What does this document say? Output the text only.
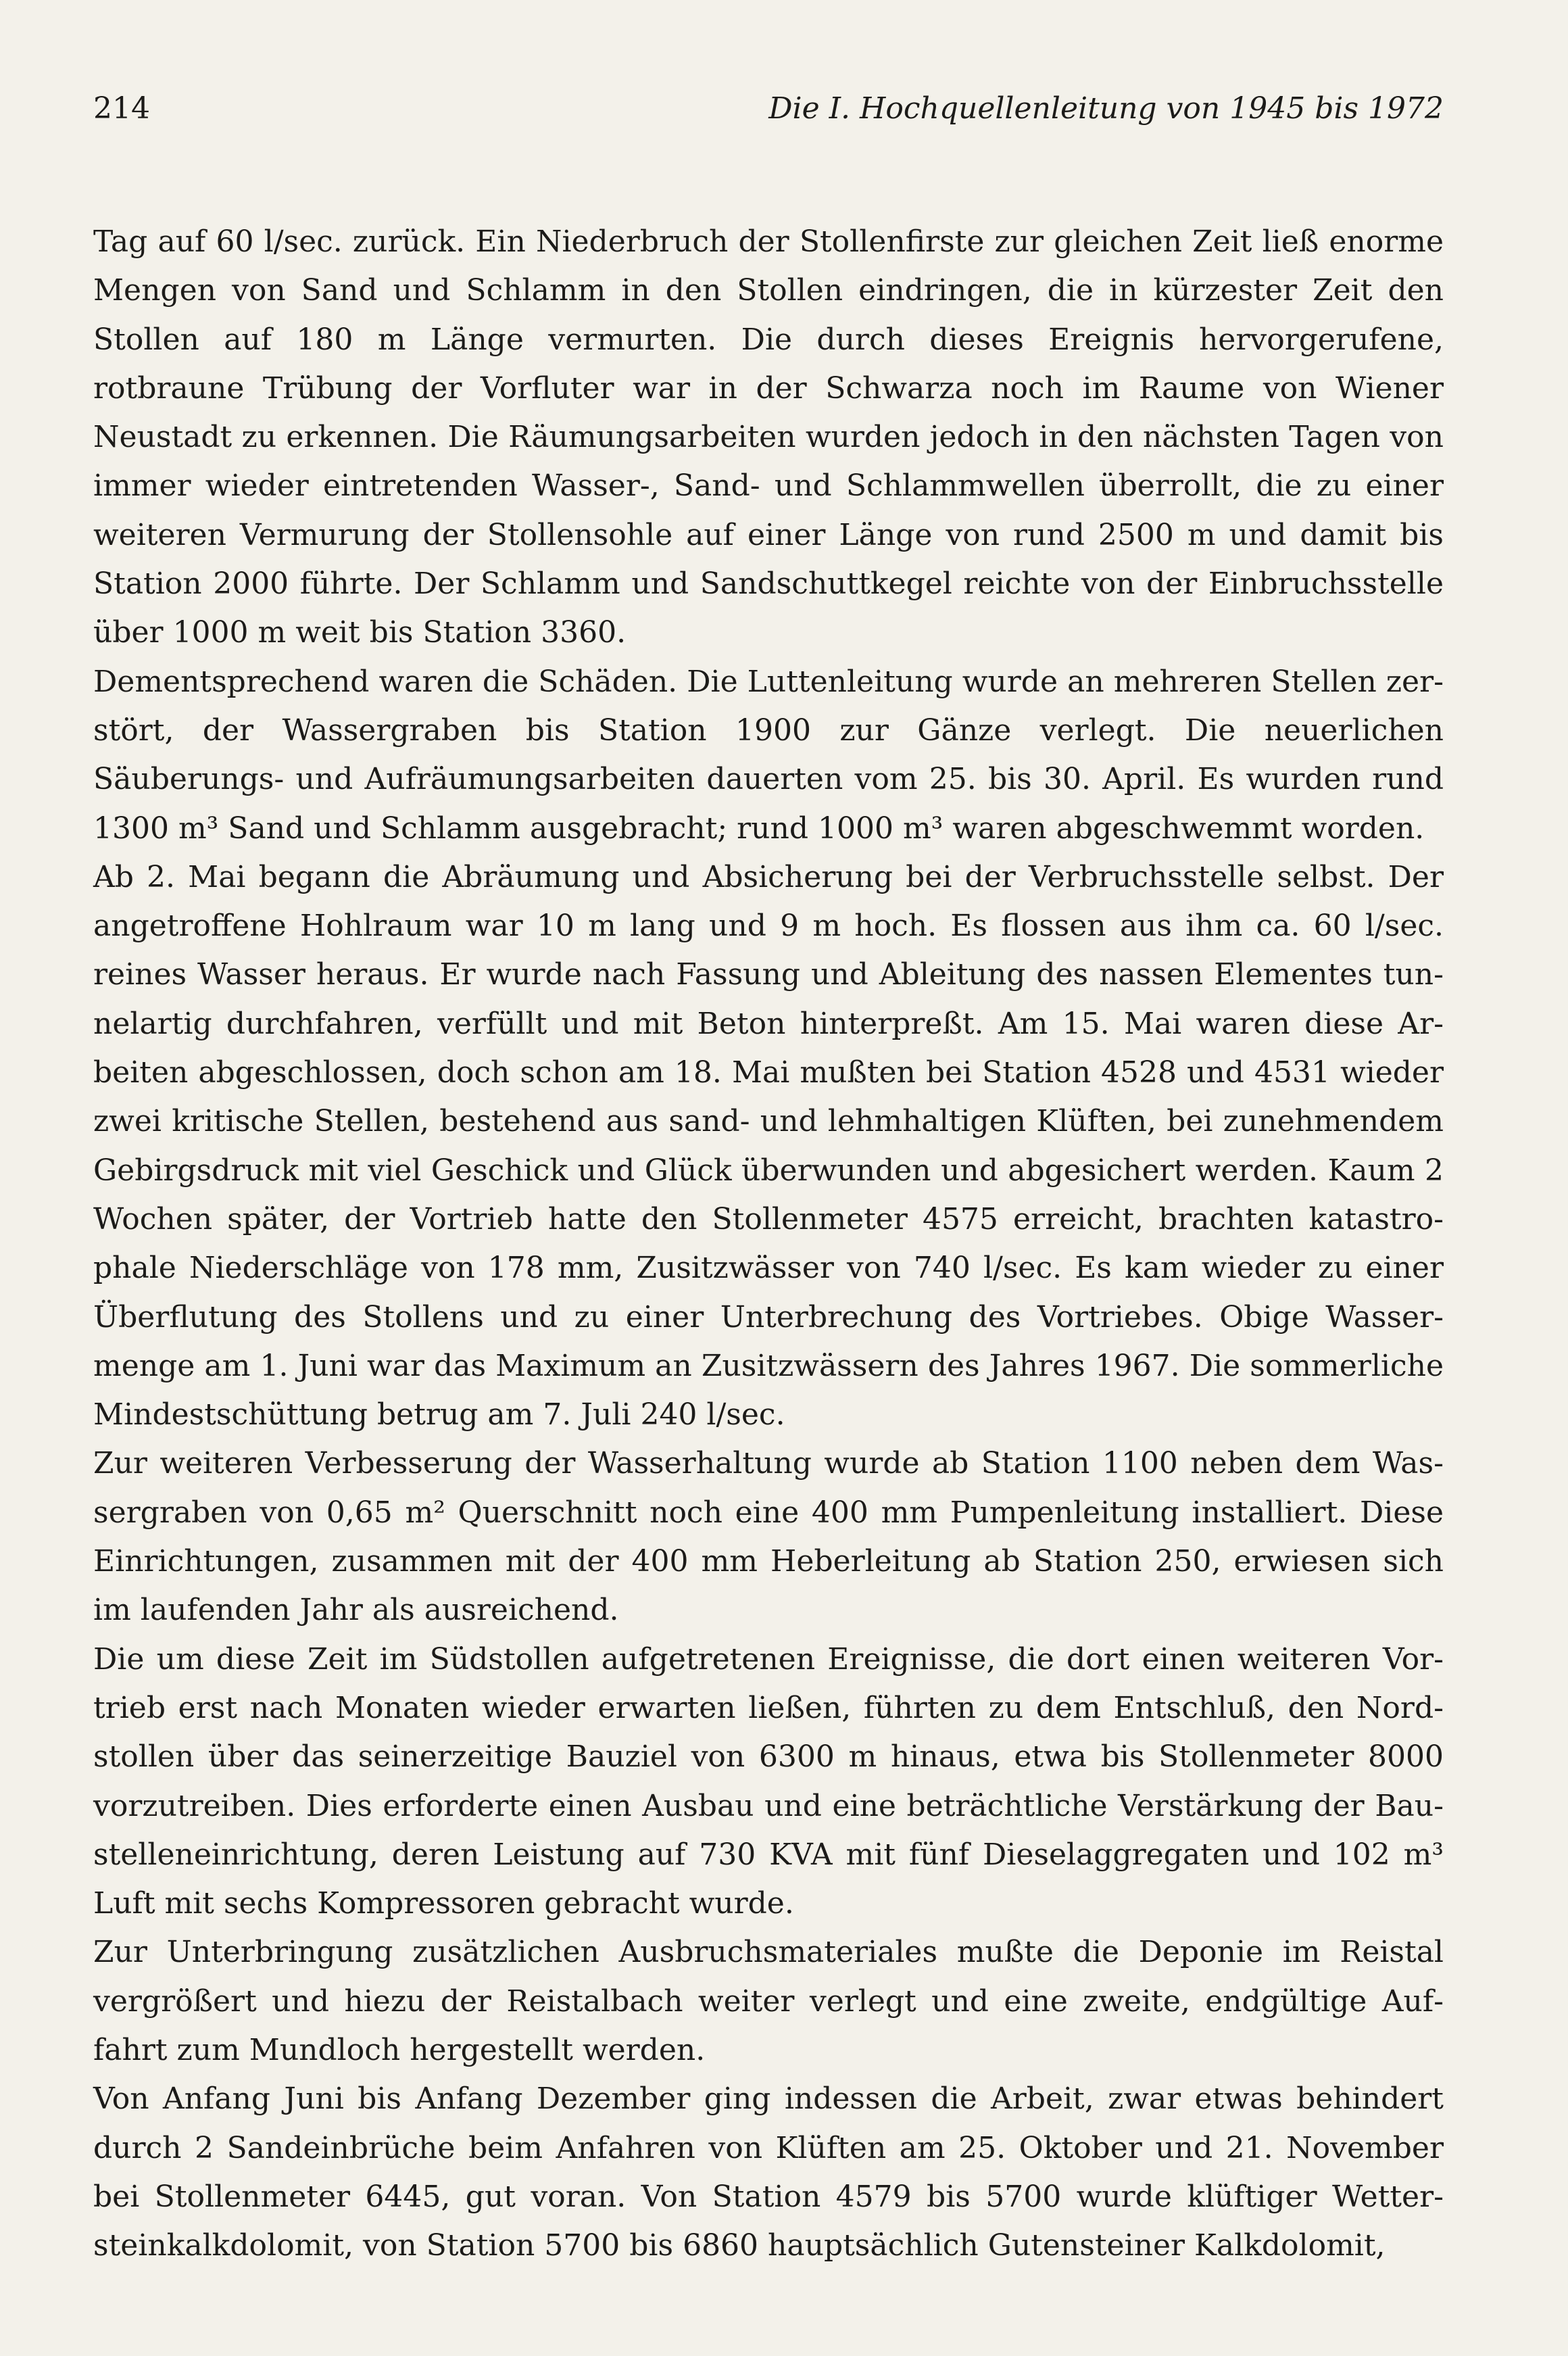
214	Die I. Hochquellenleitung von 1945 bis 1972

Tag auf 60 l/sec. zurück. Ein Niederbruch der Stollenfirste zur gleichen Zeit ließ enorme Mengen von Sand und Schlamm in den Stollen eindringen, die in kürzester Zeit den Stollen auf 180 m Länge vermurten. Die durch dieses Ereignis hervorgerufene, rotbraune Trübung der Vorfluter war in der Schwarza noch im Raume von Wiener Neustadt zu erkennen. Die Räumungsarbeiten wurden jedoch in den nächsten Tagen von immer wieder eintretenden Wasser-, Sand- und Schlammwellen überrollt, die zu einer weiteren Vermurung der Stollensohle auf einer Länge von rund 2500 m und damit bis Station 2000 führte. Der Schlamm und Sandschuttkegel reichte von der Einbruchsstelle über 1000 m weit bis Station 3360.

Dementsprechend waren die Schäden. Die Luttenleitung wurde an mehreren Stellen zerstört, der Wassergraben bis Station 1900 zur Gänze verlegt. Die neuerlichen Säuberungs- und Aufräumungsarbeiten dauerten vom 25. bis 30. April. Es wurden rund 1300 m³ Sand und Schlamm ausgebracht; rund 1000 m³ waren abgeschwemmt worden.

Ab 2. Mai begann die Abräumung und Absicherung bei der Verbruchsstelle selbst. Der angetroffene Hohlraum war 10 m lang und 9 m hoch. Es flossen aus ihm ca. 60 l/sec. reines Wasser heraus. Er wurde nach Fassung und Ableitung des nassen Elementes tunnelartig durchfahren, verfüllt und mit Beton hinterpreßt. Am 15. Mai waren diese Arbeiten abgeschlossen, doch schon am 18. Mai mußten bei Station 4528 und 4531 wieder zwei kritische Stellen, bestehend aus sand- und lehmhaltigen Klüften, bei zunehmendem Gebirgsdruck mit viel Geschick und Glück überwunden und abgesichert werden. Kaum 2 Wochen später, der Vortrieb hatte den Stollenmeter 4575 erreicht, brachten katastrophale Niederschläge von 178 mm, Zusitzwässer von 740 l/sec. Es kam wieder zu einer Überflutung des Stollens und zu einer Unterbrechung des Vortriebes. Obige Wassermenge am 1. Juni war das Maximum an Zusitzwässern des Jahres 1967. Die sommerliche Mindestschüttung betrug am 7. Juli 240 l/sec.

Zur weiteren Verbesserung der Wasserhaltung wurde ab Station 1100 neben dem Wassergraben von 0,65 m² Querschnitt noch eine 400 mm Pumpenleitung installiert. Diese Einrichtungen, zusammen mit der 400 mm Heberleitung ab Station 250, erwiesen sich im laufenden Jahr als ausreichend.

Die um diese Zeit im Südstollen aufgetretenen Ereignisse, die dort einen weiteren Vortrieb erst nach Monaten wieder erwarten ließen, führten zu dem Entschluß, den Nordstollen über das seinerzeitige Bauziel von 6300 m hinaus, etwa bis Stollenmeter 8000 vorzutreiben. Dies erforderte einen Ausbau und eine beträchtliche Verstärkung der Baustelleneinrichtung, deren Leistung auf 730 KVA mit fünf Dieselaggregaten und 102 m³ Luft mit sechs Kompressoren gebracht wurde.

Zur Unterbringung zusätzlichen Ausbruchsmateriales mußte die Deponie im Reistal vergrößert und hiezu der Reistalbach weiter verlegt und eine zweite, endgültige Auffahrt zum Mundloch hergestellt werden.

Von Anfang Juni bis Anfang Dezember ging indessen die Arbeit, zwar etwas behindert durch 2 Sandeinbrüche beim Anfahren von Klüften am 25. Oktober und 21. November bei Stollenmeter 6445, gut voran. Von Station 4579 bis 5700 wurde klüftiger Wettersteinkalkdolomit, von Station 5700 bis 6860 hauptsächlich Gutensteiner Kalkdolomit,
